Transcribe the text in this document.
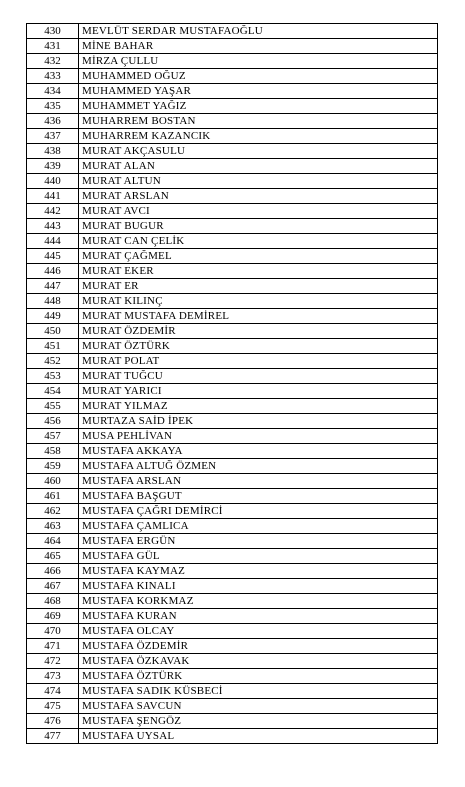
430	MEVLÜT SERDAR MUSTAFAOĞLU
431	MİNE BAHAR
432	MİRZA ÇULLU
433	MUHAMMED OĞUZ
434	MUHAMMED YAŞAR
435	MUHAMMET YAĞIZ
436	MUHARREM BOSTAN
437	MUHARREM KAZANCIK
438	MURAT AKÇASULU
439	MURAT ALAN
440	MURAT ALTUN
441	MURAT ARSLAN
442	MURAT AVCI
443	MURAT BUGUR
444	MURAT CAN ÇELİK
445	MURAT ÇAĞMEL
446	MURAT EKER
447	MURAT ER
448	MURAT KILINÇ
449	MURAT MUSTAFA DEMİREL
450	MURAT ÖZDEMİR
451	MURAT ÖZTÜRK
452	MURAT POLAT
453	MURAT TUĞCU
454	MURAT YARICI
455	MURAT YILMAZ
456	MURTAZA SAİD İPEK
457	MUSA PEHLİVAN
458	MUSTAFA AKKAYA
459	MUSTAFA ALTUĞ ÖZMEN
460	MUSTAFA ARSLAN
461	MUSTAFA BAŞGUT
462	MUSTAFA ÇAĞRI DEMİRCİ
463	MUSTAFA ÇAMLICA
464	MUSTAFA ERGÜN
465	MUSTAFA GÜL
466	MUSTAFA KAYMAZ
467	MUSTAFA KINALI
468	MUSTAFA KORKMAZ
469	MUSTAFA KURAN
470	MUSTAFA OLCAY
471	MUSTAFA ÖZDEMİR
472	MUSTAFA ÖZKAVAK
473	MUSTAFA ÖZTÜRK
474	MUSTAFA SADIK KÜSBECİ
475	MUSTAFA SAVCUN
476	MUSTAFA ŞENGÖZ
477	MUSTAFA UYSAL
